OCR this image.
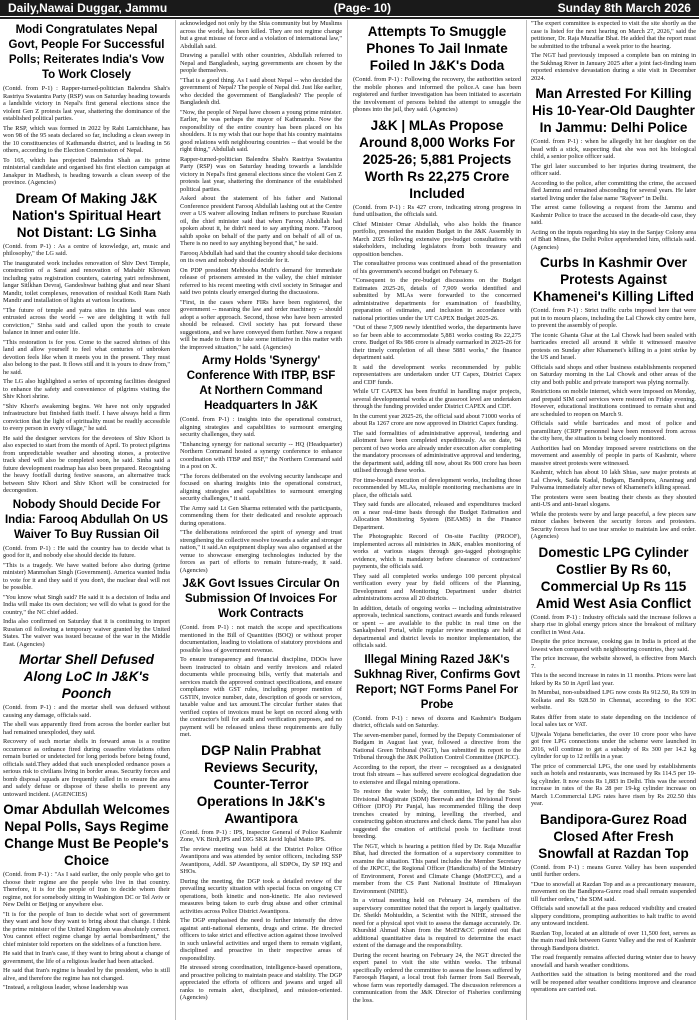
Daily,Nawai Duggar, Jammu	(Page- 10)	Sunday 8th March 2026
Modi Congratulates Nepal Govt, People For Successful Polls; Reiterates India's Vow To Work Closely

(Contd. from P-1) : Rapper-turned-politician Balendra Shah's Rastriya Swatantra Party (RSP) was on Saturday heading towards a landslide victory in Nepal's first general elections since the violent Gen Z protests last year, shattering the dominance of the established political parties.

The RSP, which was formed in 2022 by Rabi Lamichhane, has won 98 of the 95 seats declared so far, including a clean sweep in the 10 constituencies of Kathmandu district, and is leading in 56 others, according to the Election Commission of Nepal.

To 165, which has projected Balendra Shah as its prime ministerial candidate and organised his first election campaign at Janakpur in Madhesh, is heading towards a clean sweep of the province. (Agencies)

Dream Of Making J&K Nation's Spiritual Heart Not Distant: LG Sinha

(Contd. from P-1) : As a centre of knowledge, art, music and philosophy," the LG said.

The inaugurated work includes renovation of Shiv Devi Temple, construction of a Sarai and renovation of Mahabir Khowan including yatra registration counters, catering yatri refreshment, langar Sitlkhan Devraj, Gandeshwar bathing ghat and near Shani Mandir, toilet complexes, renovation of residual Kotli Ram Nath Mandir and installation of lights at various locations.

"The future of temple and yatra sites in this land was once entrusted across the world -- we are delighting it with full conviction," Sinha said and called upon the youth to create balance in inner and outer life.

"This restoration is for you. Come to the sacred shrines of this land and allow yourself to feel what centuries of unbroken devotion feels like when it meets you in the present. They must also belong to the past. It flows still and it is yours to draw from," he said.

The LG also highlighted a series of upcoming facilities designed to enhance the safety and convenience of pilgrims visiting the Shiv Khori shrine.

"Shiv Khori's awakening begins. We have not only upgraded infrastructure but finished faith itself. I have always held a firm conviction that the light of spirituality must be readily accessible to every person in every village," he said.

He said the designer services for the devotees of Shiv Khori is also expected to start from the month of April. To protect pilgrims from unpredictable weather and shooting stones, a protective track shed will also be completed soon, he said. Sinha said a future development roadmap has also been prepared. Recognising the heavy footfall during festive seasons, an alternative track between Shiv Khori and Shiv Khori will be constructed for decongestion.

Nobody Should Decide For India: Farooq Abdullah On US Waiver To Buy Russian Oil

(Contd. from P-1) : He said the country has to decide what is good for it, and nobody else should decide its future.

"This is a tragedy. We have waited before also during (prime minister) Manmohan Singh (Government). America wanted India to vote for it and they said if you don't, the nuclear deal will not be possible.

"You know what Singh said? He said it is a decision of India and India will make its own decision; we will do what is good for the country," the NC chief added.

India also confirmed on Saturday that it is continuing to import Russian oil following a temporary waiver granted by the United States. The waiver was issued because of the war in the Middle East. (Agencies)

Mortar Shell Defused Along LoC In J&K's Poonch

(Contd. from P-1) : and the mortar shell was defused without causing any damage, officials said.

The shell was apparently fired from across the border earlier but had remained unexploded, they said.

Recovery of such mortar shells in forward areas is a routine occurrence as ordnance fired during ceasefire violations often remain buried or undetected for long periods before being found, officials said.They added that such unexploded ordnance poses a serious risk to civilians living in border areas. Security forces and bomb disposal squads are frequently called in to ensure the area and safely defuse or dispose of these shells to prevent any untoward incident. (AGENCIES)

Omar Abdullah Welcomes Nepal Polls, Says Regime Change Must Be People's Choice

(Contd. from P-1) : "As I said earlier, the only people who get to choose their regime are the people who live in that country. Therefore, it is for the people of Iran to decide whom their regime, not for somebody sitting in Washington DC or Tel Aviv or New Delhi or Beijing or anywhere else.

"It is for the people of Iran to decide what sort of government they want and how they want to bring about that change. I think the prime minister of the United Kingdom was absolutely correct. You cannot effect regime change by aerial bombardment," the chief minister told reporters on the sidelines of a function here.

He said that in Iran's case, if they want to bring about a change of government, the life of a religious leader had been attacked.

He said that Iran's regime is headed by the president, who is still alive, and therefore the regime has not changed.

"Instead, a religious leader, whose leadership was

acknowledged not only by the Shia community but by Muslims across the world, has been killed. They are not regime change but a great misuse of force and a violation of international law," Abdullah said.

Drawing a parallel with other countries, Abdullah referred to Nepal and Bangladesh, saying governments are chosen by the people themselves.

"That is a good thing. As I said about Nepal -- who decided the government of Nepal? The people of Nepal did. Just like earlier, who decided the government of Bangladesh? The people of Bangladesh did.

"Now, the people of Nepal have chosen a young prime minister. Earlier, he was perhaps the mayor of Kathmandu. Now the responsibility of the entire country has been placed on his shoulders. It is my wish that our hope that his country maintains good relations with neighbouring countries -- that would be the right thing," Abdullah said.

Rapper-turned-politician Balendra Shah's Rastriya Swatantra Party (RSP) was on Saturday heading towards a landslide victory in Nepal's first general elections since the violent Gen Z protests last year, shattering the dominance of the established political parties.

Asked about the statement of his father and National Conference president Farooq Abdullah lashing out at the Centre over a US waiver allowing Indian refiners to purchase Russian oil, the chief minister said that when Farooq Abdullah had spoken about it, he didn't need to say anything more. "Farooq sahib spoke on behalf of the party and on behalf of all of us. There is no need to say anything beyond that," he said.

Farooq Abdullah had said that the country should take decisions on its own and nobody should decide for it.

On PDP president Mehbooba Mufti's demand for immediate release of prisoners arrested in the valley, the chief minister referred to his recent meeting with civil society in Srinagar and said two points clearly emerged during the discussions.

"First, in the cases where FIRs have been registered, the government -- meaning the law and order machinery -- should adopt a softer approach. Second, those who have been arrested should be released. Civil society has put forward these suggestions, and we have conveyed them further. Now a request will be made to them to take some initiative in this matter with the improved situation," he said. (Agencies)

Army Holds 'Synergy' Conference With ITBP, BSF At Northern Command Headquarters In J&K

(Contd. from P-1) : insights into the operational construct, aligning strategies and capabilities to surmount emerging security challenges, they said.

"Enhancing synergy for national security -- HQ (Headquarter) Northern Command hosted a synergy conference to enhance coordination with ITBP and BSF," the Northern Command said in a post on X.

"The forces deliberated on the evolving security landscape and focused on sharing insights into the operational construct, aligning strategies and capabilities to surmount emerging security challenges," it said.

The Army said Lt Gen Sharma reiterated with the participants, commending them for their dedicated and resolute approach during operations.

"The deliberations reinforced the spirit of synergy and trust strengthening the collective resolve towards a safer and stronger nation," it said.An equipment display was also organised at the venue to showcase emerging technologies inducted by the forces as part of efforts to remain future-ready, it said. (Agencies)

J&K Govt Issues Circular On Submission Of Invoices For Work Contracts

(Contd. from P-1) : not match the scope and specifications mentioned in the Bill of Quantities (BOQ) or without proper documentation, leading to violations of statutory provisions and possible loss of government revenue.

To ensure transparency and financial discipline, DDOs have been instructed to obtain and verify invoices and related documents while processing bills, verify that materials and services match the approved contract specifications, and ensure compliance with GST rules, including proper mention of GSTIN, invoice number, date, description of goods or services, taxable value and tax amount.The circular further states that verified copies of invoices must be kept on record along with the contractor's bill for audit and verification purposes, and no payment will be released unless these requirements are fully met.

DGP Nalin Prabhat Reviews Security, Counter-Terror Operations In J&K's Awantipora

(Contd. from P-1) : IPS, Inspector General of Police Kashmir Zone, VK Birdi,IPS and DIG SKR Javid Iqbal Matto IPS.

The review meeting was held at the District Police Office Awantipora and was attended by senior officers, including SSP Awantipora, Addl. SP Awantipora, all SDPOs, Dy SP HQ and SHOs.

During the meeting, the DGP took a detailed review of the prevailing security situation with special focus on ongoing CT operations, both kinetic and non-kinetic. He also reviewed measures being taken to curb drug abuse and other criminal activities across Police District Awantipora.

The DGP emphasised the need to further intensify the drive against anti-national elements, drugs and crime. He directed officers to take strict and effective action against those involved in such unlawful activities and urged them to remain vigilant, disciplined and proactive in their respective areas of responsibility.

He stressed strong coordination, intelligence-based operations, and proactive policing to maintain peace and stability. The DGP appreciated the efforts of officers and jawans and urged all ranks to remain alert, disciplined, and mission-oriented. (Agencies)

Attempts To Smuggle Phones To Jail Inmate Foiled In J&K's Doda

(Contd. from P-1) : Following the recovery, the authorities seized the mobile phones and informed the police.A case has been registered and further investigation has been initiated to ascertain the involvement of persons behind the attempt to smuggle the phones into the jail, they said. (Agencies)

J&K | MLAs Propose Around 8,000 Works For 2025-26; 5,881 Projects Worth Rs 22,275 Crore Included

(Contd. from P-1) : Rs 427 crore, indicating strong progress in fund utilisation, the officials said.

Chief Minister Omar Abdullah, who also holds the finance portfolio, presented the maiden Budget in the J&K Assembly in March 2025 following extensive pre-budget consultations with stakeholders, including legislators from both treasury and opposition benches.

The consultative process was continued ahead of the presentation of his government's second budget on February 6.

"Consequent to the pre-budget discussions on the Budget Estimates 2025-26, details of 7,909 works identified and submitted by MLAs were forwarded to the concerned administrative departments for examination of feasibility, preparation of estimates, and inclusion in accordance with national priorities under the UT CAPEX Budget 2025-26.

"Out of these 7,909 newly identified works, the departments have so far been able to accommodate 5,881 works costing Rs 22,275 crore. Budget of Rs 986 crore is already earmarked in 2025-26 for their timely completion of all these 5881 works," the finance department said.

It said the development works recommended by public representatives are undertaken under UT Capex, District Capex and CDF funds.

While UT CAPEX has been fruitful in handling major projects, several developmental works at the grassroot level are undertaken through the funding provided under District CAPEX and CDF.

In the current year 2025-26, the official said about 71000 works of about Rs 1267 crore are now approved in District Capex funding.

The said formalities of administrative approval, tendering and allotment have been completed expeditiously. As on date, 94 percent of two works are already under execution after completing the mandatory processes of administrative approval and tendering, the department said, adding till now, about Rs 900 crore has been utilised through these works.

For time-bound execution of development works, including those recommended by MLAs, multiple monitoring mechanisms are in place, the officials said.

They said funds are allocated, released and expenditures tracked on a near real-time basis through the Budget Estimation and Allocation Monitoring System (BEAMS) in the Finance Department.

The Photographic Record of On-site Facility (PROOF), implemented across all ministries in J&K, enables monitoring of works at various stages through geo-tagged photographic evidence, which is mandatory before clearance of contractors' payments, the officials said.

They said all completed works undergo 100 percent physical verification every year by field officers of the Planning, Development and Monitoring Department under district administrations across all 20 districts.

In addition, details of ongoing works -- including administrative approvals, technical sanctions, contract awards and funds released or spent -- are available to the public in real time on the Sankalpsheel Portal, while regular review meetings are held at departmental and district levels to monitor implementation, the officials said.

Illegal Mining Razed J&K's Sukhnag River, Confirms Govt Report; NGT Forms Panel For Probe

(Contd. from P-1) : news of dozens and Kashmir's Budgam district, officials said on Saturday.

The seven-member panel, formed by the Deputy Commissioner of Budgam in August last year, followed a directive from the National Green Tribunal (NGT), has submitted its report to the Tribunal through the J&K Pollution Control Committee (JKPCC).

According to the report, the river -- recognised as a designated trout fish stream -- has suffered severe ecological degradation due to extensive and illegal mining operations.

To restore the water body, the committee, led by the Sub-Divisional Magistrate (SDM) Beerwah and the Divisional Forest Officer (DFO) Pir Panjal, has recommended filling the deep trenches created by mining, levelling the riverbed, and constructing gabion structures and check dams. The panel has also suggested the creation of artificial pools to facilitate trout breeding.

The NGT, which is hearing a petition filed by Dr. Raja Muzaffar Bhat, had directed the formation of a supervisory committee to examine the situation. This panel includes the Member Secretary of the JKPCC, the Regional Officer (Handicrafts) of the Ministry of Environment, Forest and Climate Change (MoEFCC), and a member from the CS Pant National Institute of Himalayan Environment (NIHE).

In a virtual meeting held on February 24, members of the supervisory committee noted that the report is largely qualitative. Dr. Sheikh Mohiuddin, a Scientist with the NIHE, stressed the need for a physical spot visit to assess the damage accurately. Dr. Khurshid Ahmad Khan from the MoEF&CC pointed out that additional quantitative data is required to determine the exact extent of the damage and the responsibility.

During the recent hearing on February 24, the NGT directed the expert panel to visit the site within weeks. The tribunal specifically ordered the committee to assess the losses suffered by Farooqah Haqani, a local trout fish farmer from Sail Beerwah, whose farm was reportedly damaged. The discussion references a communication from the J&K Director of Fisheries confirming the loss.

"The expert committee is expected to visit the site shortly as the case is listed for the next hearing on March 27, 2026," said the petitioner, Dr. Raja Muzaffar Bhat. He added that the report must be submitted to the tribunal a week prior to the hearing.

The NGT had previously imposed a complete ban on mining in the Sukhnag River in January 2025 after a joint fact-finding team reported extensive devastation during a site visit in December 2024.

Man Arrested For Killing His 10-Year-Old Daughter In Jammu: Delhi Police

(Contd. from P-1) : when he allegedly hit her daughter on the head with a stick, suspecting that she was not his biological child, a senior police officer said.

The girl later succumbed to her injuries during treatment, the officer said.

According to the police, after committing the crime, the accused fled Jammu and remained absconding for several years. He later started living under the false name "Rajveer" in Delhi.

The arrest came following a request from the Jammu and Kashmir Police to trace the accused in the decade-old case, they said.

Acting on the inputs regarding his stay in the Sanjay Colony area of Bhati Mines, the Delhi Police apprehended him, officials said. (Agencies)

Curbs In Kashmir Over Protests Against Khamenei's Killing Lifted

(Contd. from P-1) : Strict traffic curbs imposed here that were put in to mourn places, including the Lal Chowk city centre here, to prevent the assembly of people.

The iconic Ghanta Ghar at the Lal Chowk had been sealed with barricades erected all around it while it witnessed massive protests on Sunday after Khamenei's killing in a joint strike by the US and Israel.

Officials said shops and other business establishments reopened on Saturday morning in the Lal Chowk and other areas of the city and both public and private transport was plying normally.

Restrictions on mobile internet, which were imposed on Monday, and prepaid SIM card services were restored on Friday evening. However, educational institutions continued to remain shut and are scheduled to reopen on March 9.

Officials said while barricades and most of police and paramilitary (CRPF personnel have been removed from across the city here, the situation is being closely monitored.

Authorities had on Monday imposed severe restrictions on the movement and assembly of people in parts of Kashmir, where massive street protests were witnessed.

Kashmir, which has about 10 lakh Shias, saw major protests at Lal Chowk, Saida Kadal, Budgam, Bandipora, Anantnag and Pulwama immediately after news of Khamenei's killing spread.

The protesters were seen beating their chests as they shouted anti-US and anti-Israel slogans.

While the protests were by and large peaceful, a few pieces saw minor clashes between the security forces and protesters. Security forces had to use tear smoke to maintain law and order. (Agencies)

Domestic LPG Cylinder Costlier By Rs 60, Commercial Up Rs 115 Amid West Asia Conflict

(Contd. from P-1) : Industry officials said the increase follows a sharp rise in global energy prices since the breakout of military conflict in West Asia.

Despite the price increase, cooking gas in India is priced at the lowest when compared with neighbouring countries, they said.

The price increase, the website showed, is effective from March 7.

This is the second increase in rates in 11 months. Prices were last hiked by Rs 50 in April last year.

In Mumbai, non-subsidised LPG now costs Rs 912.50, Rs 939 in Kolkata and Rs 928.50 in Chennai, according to the IOC website.

Rates differ from state to state depending on the incidence of local sales tax or VAT.

Ujjwala Yojana beneficiaries, the over 10 crore poor who have got free LPG connections under the scheme were launched in 2016, will continue to get a subsidy of Rs 300 per 14.2 kg cylinder for up to 12 refills in a year.

The price of commercial LPG, the one used by establishments such as hotels and restaurants, was increased by Rs 114.5 per 19-kg cylinder. It now costs Rs 1,883 in Delhi. This was the second increase in rates of the Rs 28 per 19-kg cylinder increase on March 1.Commercial LPG rates have risen by Rs 202.50 this year.

Bandipora-Gurez Road Closed After Fresh Snowfall at Razdan Top

(Contd. from P-1) : means Gurez Valley has been suspended until further orders.

"Due to snowfall at Razdan Top and as a precautionary measure, movement on the Bandipora-Gurez road shall remain suspended till further orders," the SDM said.

Officials said snowfall at the pass reduced visibility and created slippery conditions, prompting authorities to halt traffic to avoid any untoward incident.

Razdan Top, located at an altitude of over 11,500 feet, serves as the main road link between Gurez Valley and the rest of Kashmir through Bandipora district.

The road frequently remains affected during winter due to heavy snowfall and harsh weather conditions.

Authorities said the situation is being monitored and the road will be reopened after weather conditions improve and clearance operations are carried out.
